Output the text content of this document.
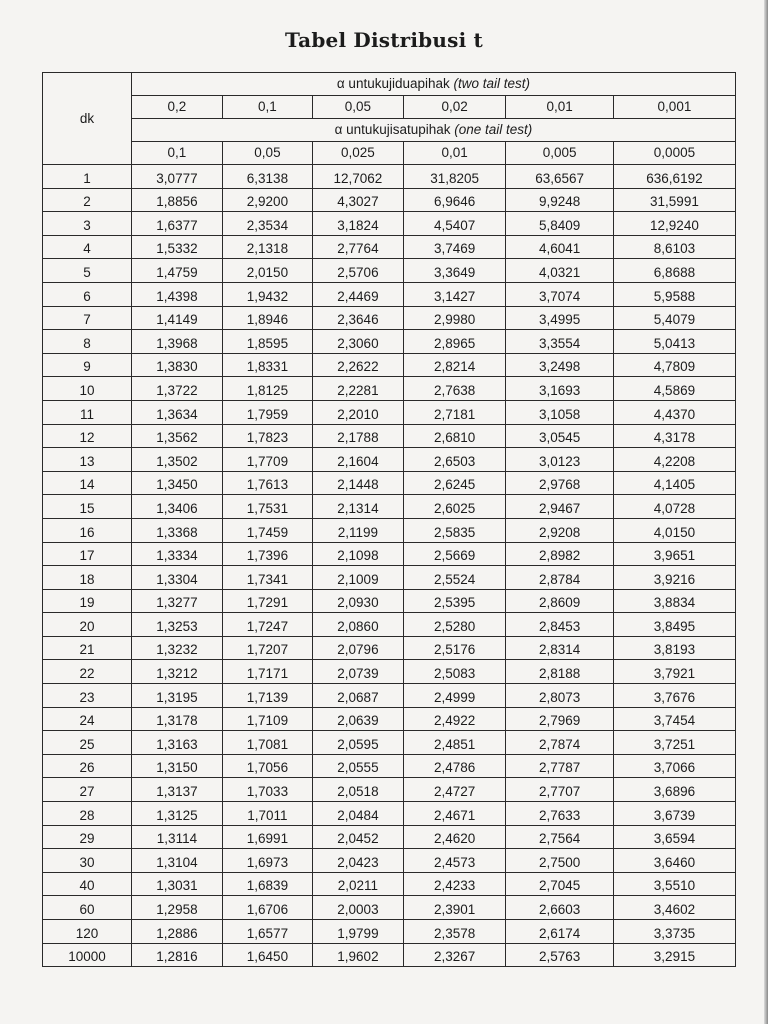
Tabel Distribusi t
dk	α untukujiduapihak (two tail test)					
	0,2	0,1	0,05	0,02	0,01	0,001
	α untukujisatupihak (one tail test)					
	0,1	0,05	0,025	0,01	0,005	0,0005
1	3,0777	6,3138	12,7062	31,8205	63,6567	636,6192
2	1,8856	2,9200	4,3027	6,9646	9,9248	31,5991
3	1,6377	2,3534	3,1824	4,5407	5,8409	12,9240
4	1,5332	2,1318	2,7764	3,7469	4,6041	8,6103
5	1,4759	2,0150	2,5706	3,3649	4,0321	6,8688
6	1,4398	1,9432	2,4469	3,1427	3,7074	5,9588
7	1,4149	1,8946	2,3646	2,9980	3,4995	5,4079
8	1,3968	1,8595	2,3060	2,8965	3,3554	5,0413
9	1,3830	1,8331	2,2622	2,8214	3,2498	4,7809
10	1,3722	1,8125	2,2281	2,7638	3,1693	4,5869
11	1,3634	1,7959	2,2010	2,7181	3,1058	4,4370
12	1,3562	1,7823	2,1788	2,6810	3,0545	4,3178
13	1,3502	1,7709	2,1604	2,6503	3,0123	4,2208
14	1,3450	1,7613	2,1448	2,6245	2,9768	4,1405
15	1,3406	1,7531	2,1314	2,6025	2,9467	4,0728
16	1,3368	1,7459	2,1199	2,5835	2,9208	4,0150
17	1,3334	1,7396	2,1098	2,5669	2,8982	3,9651
18	1,3304	1,7341	2,1009	2,5524	2,8784	3,9216
19	1,3277	1,7291	2,0930	2,5395	2,8609	3,8834
20	1,3253	1,7247	2,0860	2,5280	2,8453	3,8495
21	1,3232	1,7207	2,0796	2,5176	2,8314	3,8193
22	1,3212	1,7171	2,0739	2,5083	2,8188	3,7921
23	1,3195	1,7139	2,0687	2,4999	2,8073	3,7676
24	1,3178	1,7109	2,0639	2,4922	2,7969	3,7454
25	1,3163	1,7081	2,0595	2,4851	2,7874	3,7251
26	1,3150	1,7056	2,0555	2,4786	2,7787	3,7066
27	1,3137	1,7033	2,0518	2,4727	2,7707	3,6896
28	1,3125	1,7011	2,0484	2,4671	2,7633	3,6739
29	1,3114	1,6991	2,0452	2,4620	2,7564	3,6594
30	1,3104	1,6973	2,0423	2,4573	2,7500	3,6460
40	1,3031	1,6839	2,0211	2,4233	2,7045	3,5510
60	1,2958	1,6706	2,0003	2,3901	2,6603	3,4602
120	1,2886	1,6577	1,9799	2,3578	2,6174	3,3735
10000	1,2816	1,6450	1,9602	2,3267	2,5763	3,2915
